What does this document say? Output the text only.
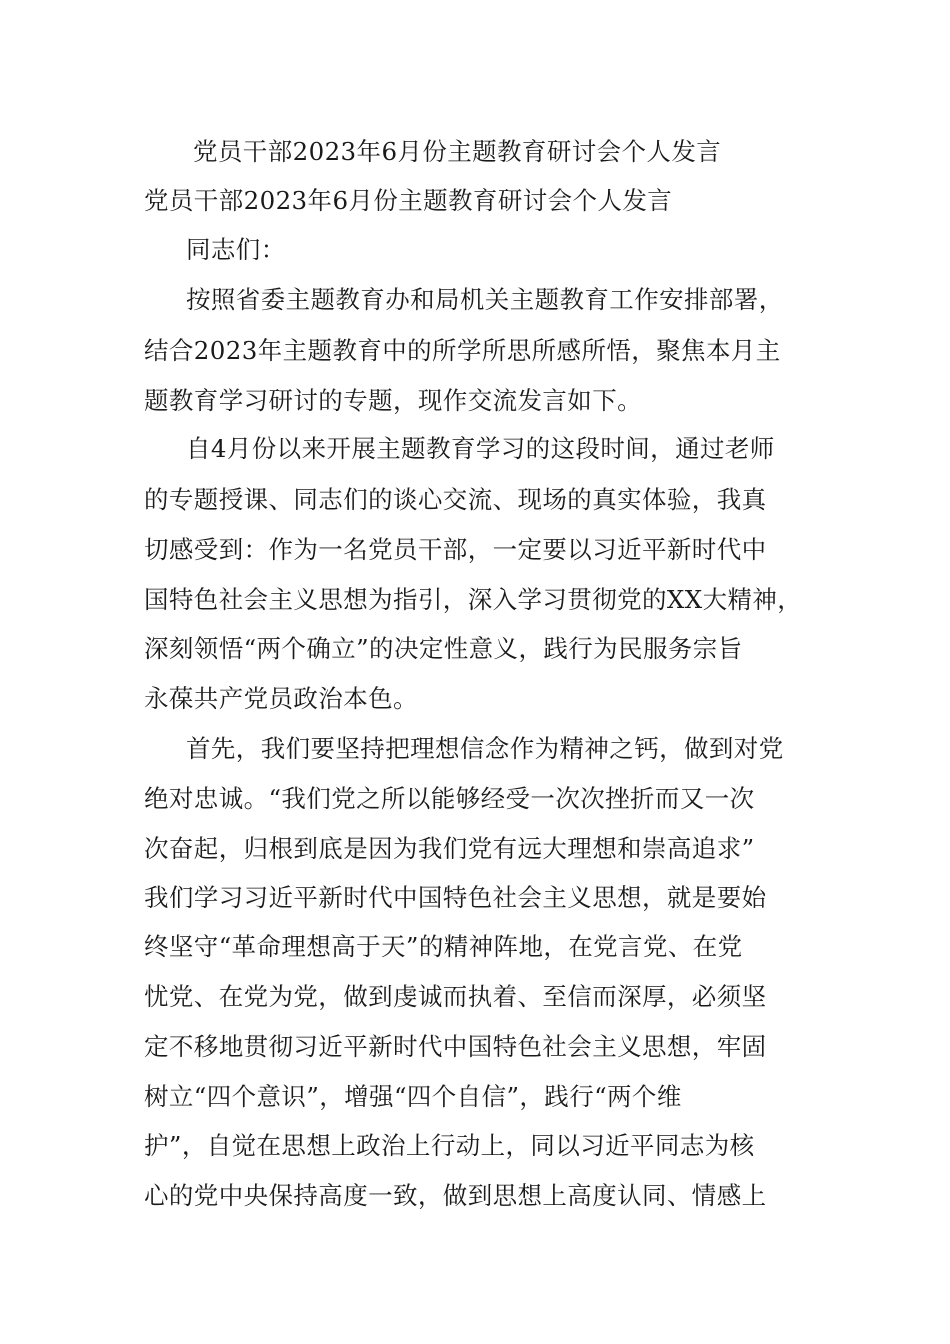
党员干部2023年6月份主题教育研讨会个人发言

党员干部2023年6月份主题教育研讨会个人发言

同志们：

按照省委主题教育办和局机关主题教育工作安排部署，

结合2023年主题教育中的所学所思所感所悟，聚焦本月主

题教育学习研讨的专题，现作交流发言如下。

自4月份以来开展主题教育学习的这段时间，通过老师

的专题授课、同志们的谈心交流、现场的真实体验，我真

切感受到：作为一名党员干部，一定要以习近平新时代中

国特色社会主义思想为指引，深入学习贯彻党的XX大精神，

深刻领悟“两个确立”的决定性意义，践行为民服务宗旨

永葆共产党员政治本色。

首先，我们要坚持把理想信念作为精神之钙，做到对党

绝对忠诚。“我们党之所以能够经受一次次挫折而又一次

次奋起，归根到底是因为我们党有远大理想和崇高追求”

我们学习习近平新时代中国特色社会主义思想，就是要始

终坚守“革命理想高于天”的精神阵地，在党言党、在党

忧党、在党为党，做到虔诚而执着、至信而深厚，必须坚

定不移地贯彻习近平新时代中国特色社会主义思想，牢固

树立“四个意识”，增强“四个自信”，践行“两个维

护”，自觉在思想上政治上行动上，同以习近平同志为核

心的党中央保持高度一致，做到思想上高度认同、情感上
